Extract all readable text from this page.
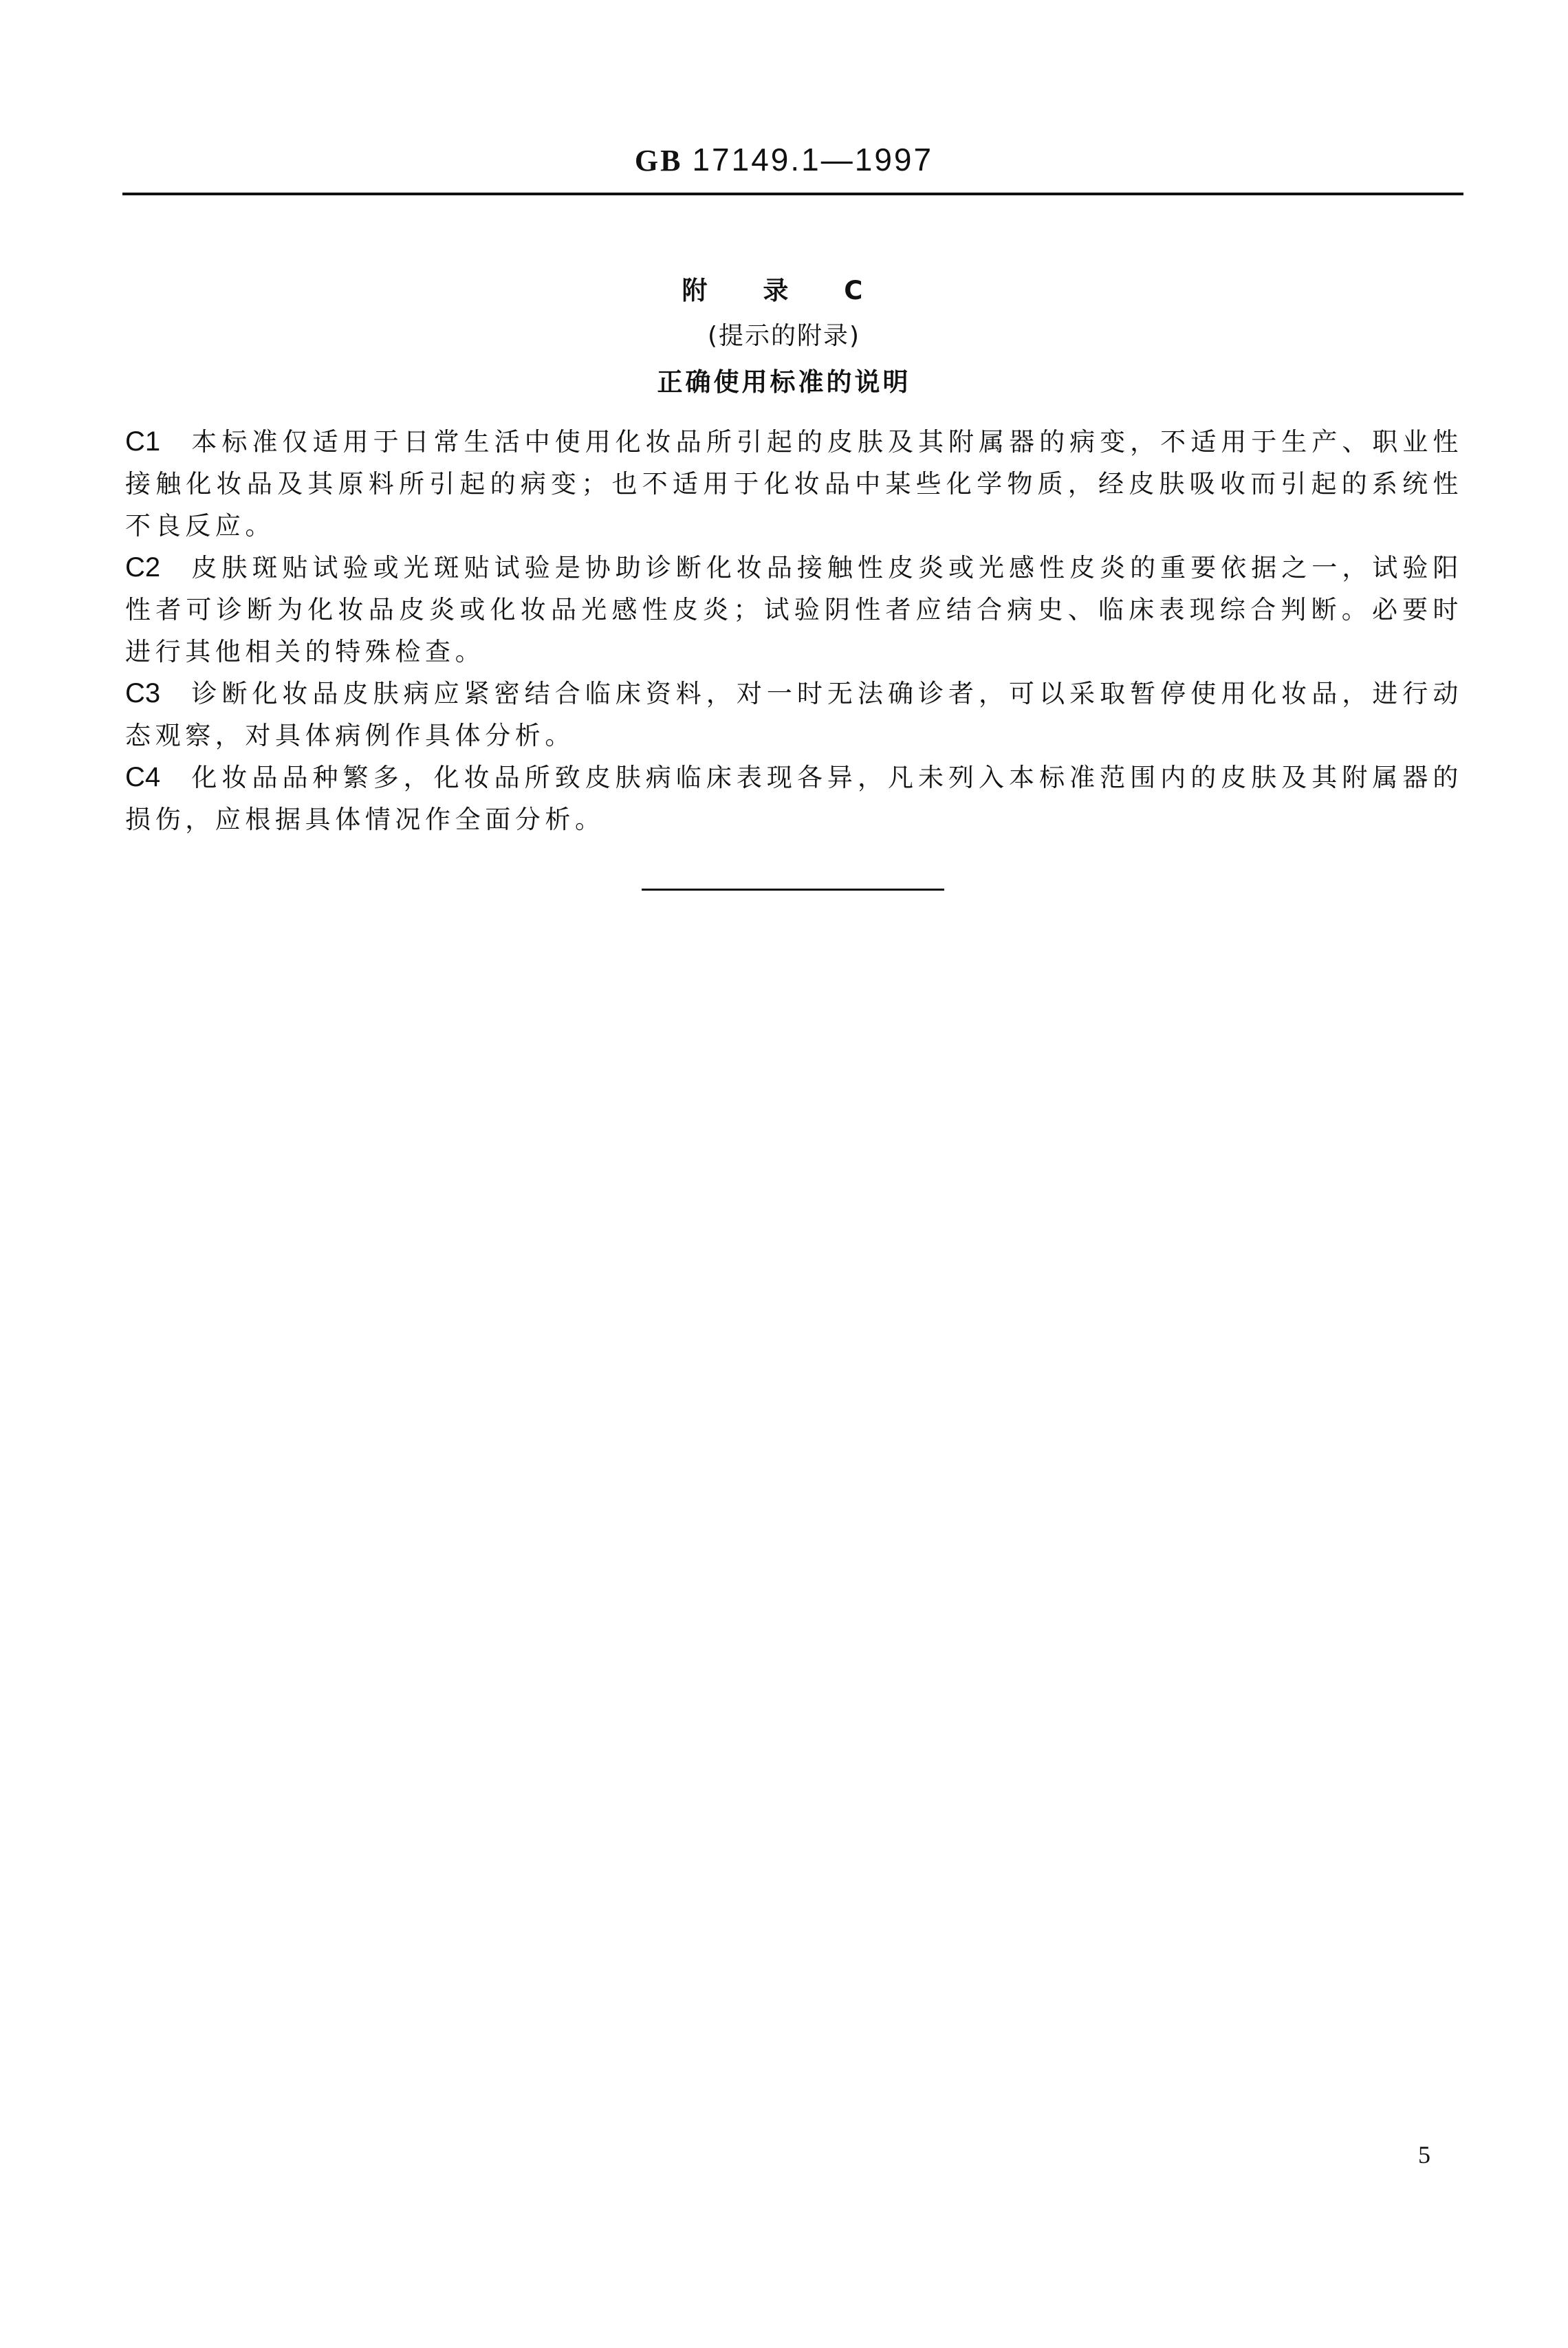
GB 17149.1—1997
附 录 C
(提示的附录)
正确使用标准的说明

C1 本标准仅适用于日常生活中使用化妆品所引起的皮肤及其附属器的病变，不适用于生产、职业性接触化妆品及其原料所引起的病变；也不适用于化妆品中某些化学物质，经皮肤吸收而引起的系统性不良反应。

C2 皮肤斑贴试验或光斑贴试验是协助诊断化妆品接触性皮炎或光感性皮炎的重要依据之一，试验阳性者可诊断为化妆品皮炎或化妆品光感性皮炎；试验阴性者应结合病史、临床表现综合判断。必要时进行其他相关的特殊检查。

C3 诊断化妆品皮肤病应紧密结合临床资料，对一时无法确诊者，可以采取暂停使用化妆品，进行动态观察，对具体病例作具体分析。

C4 化妆品品种繁多，化妆品所致皮肤病临床表现各异，凡未列入本标准范围内的皮肤及其附属器的损伤，应根据具体情况作全面分析。

5
